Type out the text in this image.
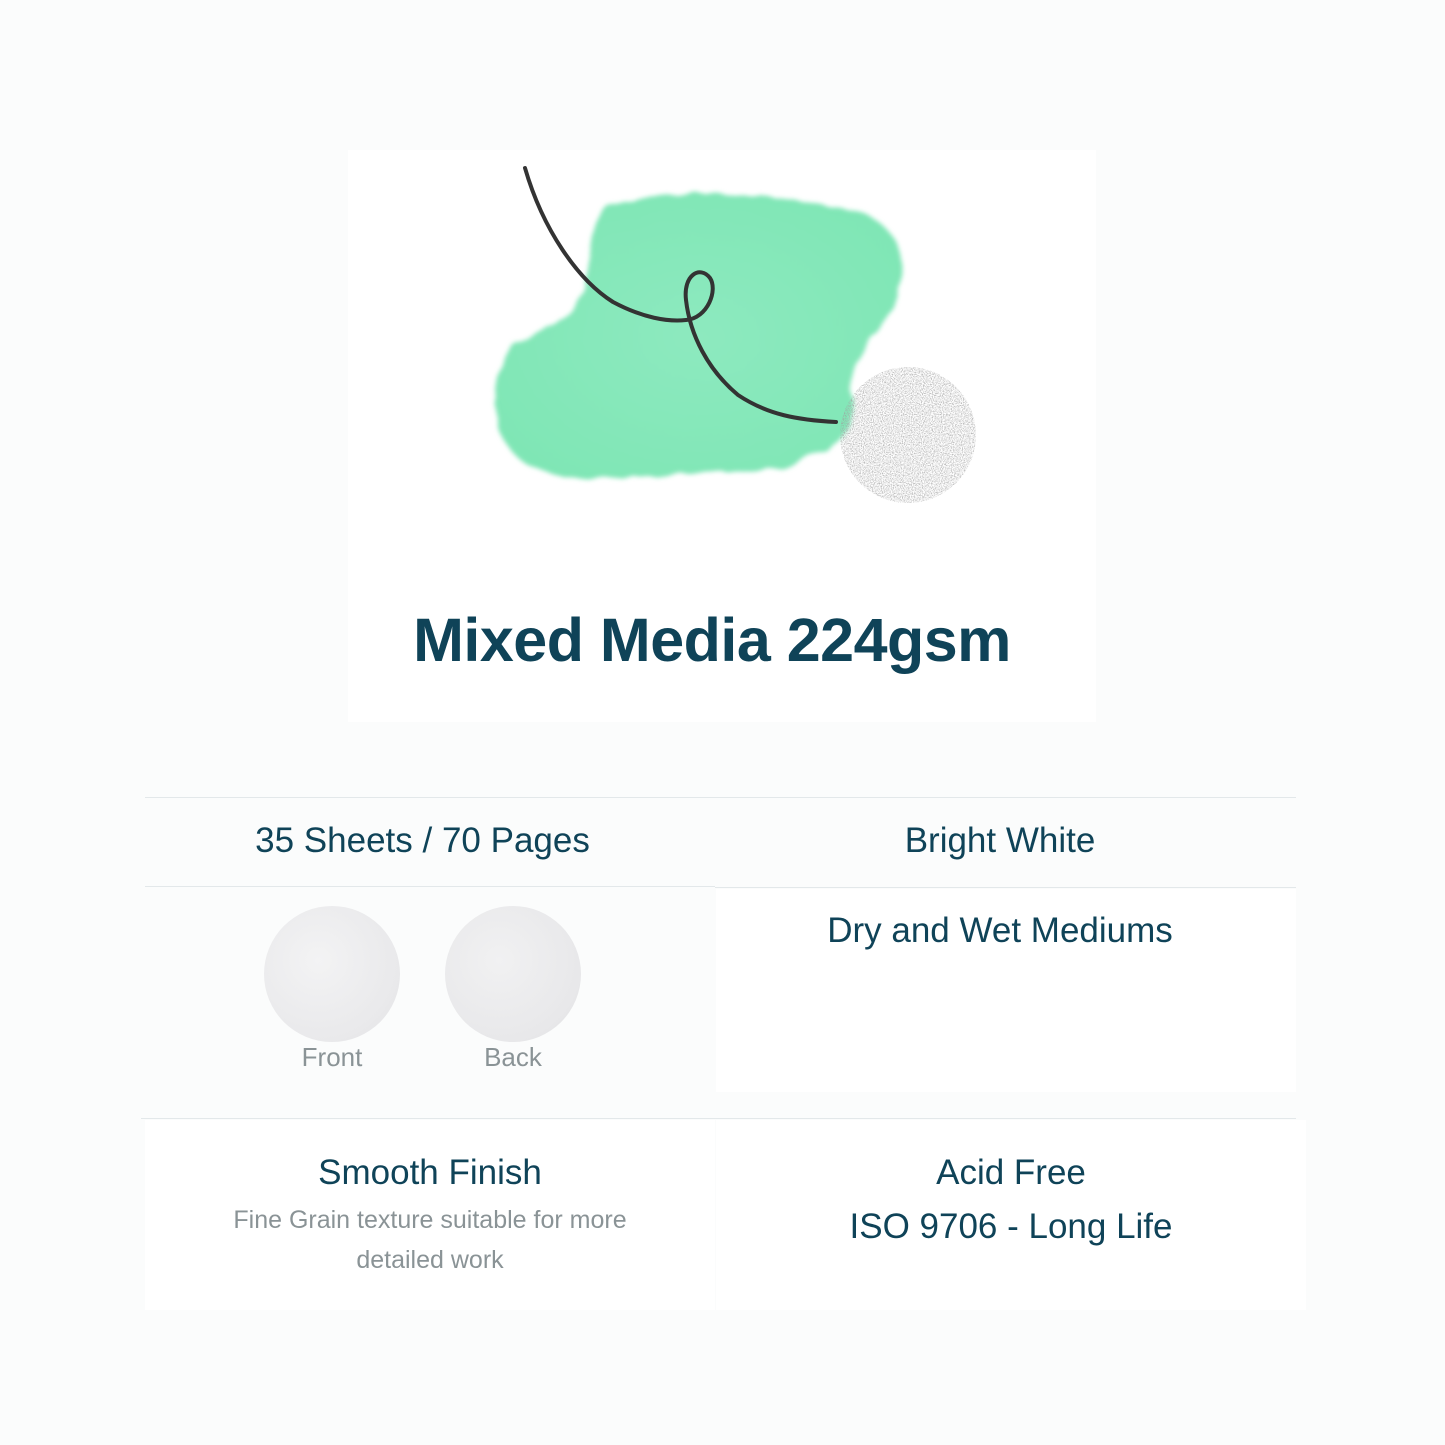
Mixed Media 224gsm
35 Sheets / 70 Pages	Bright White
Dry and Wet Mediums
Front	Back
Smooth Finish
Fine Grain texture suitable for more
detailed work
Acid Free
ISO 9706 - Long Life
